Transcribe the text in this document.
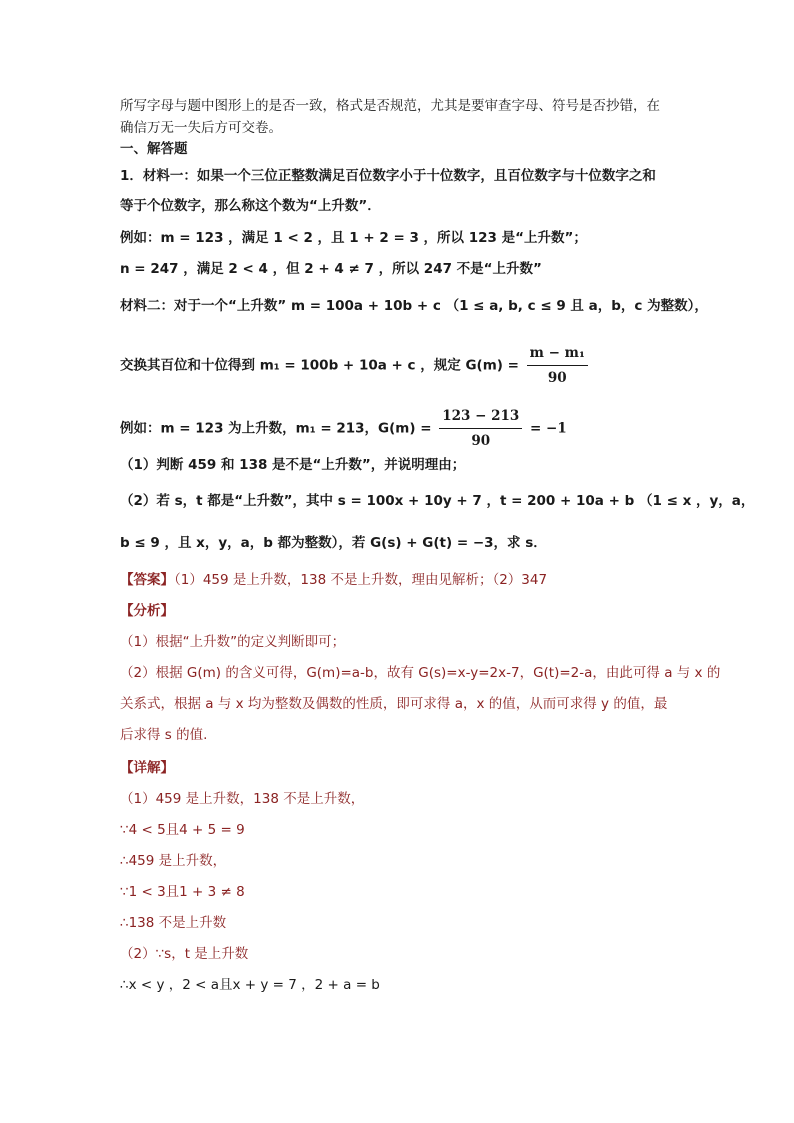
所写字母与题中图形上的是否一致，格式是否规范，尤其是要审查字母、符号是否抄错，在
确信万无一失后方可交卷。
一、解答题
1．材料一：如果一个三位正整数满足百位数字小于十位数字，且百位数字与十位数字之和
等于个位数字，那么称这个数为“上升数”．
例如：m = 123 ，满足 1 < 2 ，且 1 + 2 = 3 ，所以 123 是“上升数”；
n = 247 ，满足 2 < 4 ，但 2 + 4 ≠ 7 ，所以 247 不是“上升数”
材料二：对于一个“上升数” m = 100a + 10b + c （1 ≤ a, b, c ≤ 9 且 a，b，c 为整数），
交换其百位和十位得到 m₁ = 100b + 10a + c ，规定 $G(m) = \frac{\text{m − m₁}}{90}$
例如：m = 123 为上升数，m₁ = 213，$G(m) = \frac{123 - 213}{90} = -1$
（1）判断 459 和 138 是不是“上升数”，并说明理由；
（2）若 s，t 都是“上升数”，其中 s = 100x + 10y + 7 ，t = 200 + 10a + b （1 ≤ x ，y，a，
b ≤ 9 ，且 x，y，a，b 都为整数），若 G(s) + G(t) = −3，求 s．
【答案】（1）459 是上升数，138 不是上升数，理由见解析；（2）347
【分析】
（1）根据“上升数”的定义判断即可；
（2）根据 G(m) 的含义可得，G(m)=a-b，故有 G(s)=x-y=2x-7，G(t)=2-a，由此可得 a 与 x 的
关系式，根据 a 与 x 均为整数及偶数的性质，即可求得 a，x 的值，从而可求得 y 的值，最
后求得 s 的值.
【详解】
（1）459 是上升数，138 不是上升数，
∵4 < 5且4 + 5 = 9
∴459 是上升数，
∵1 < 3且1 + 3 ≠ 8
∴138 不是上升数
（2）∵s，t 是上升数
∴x < y ，2 < a且x + y = 7 ，2 + a = b
